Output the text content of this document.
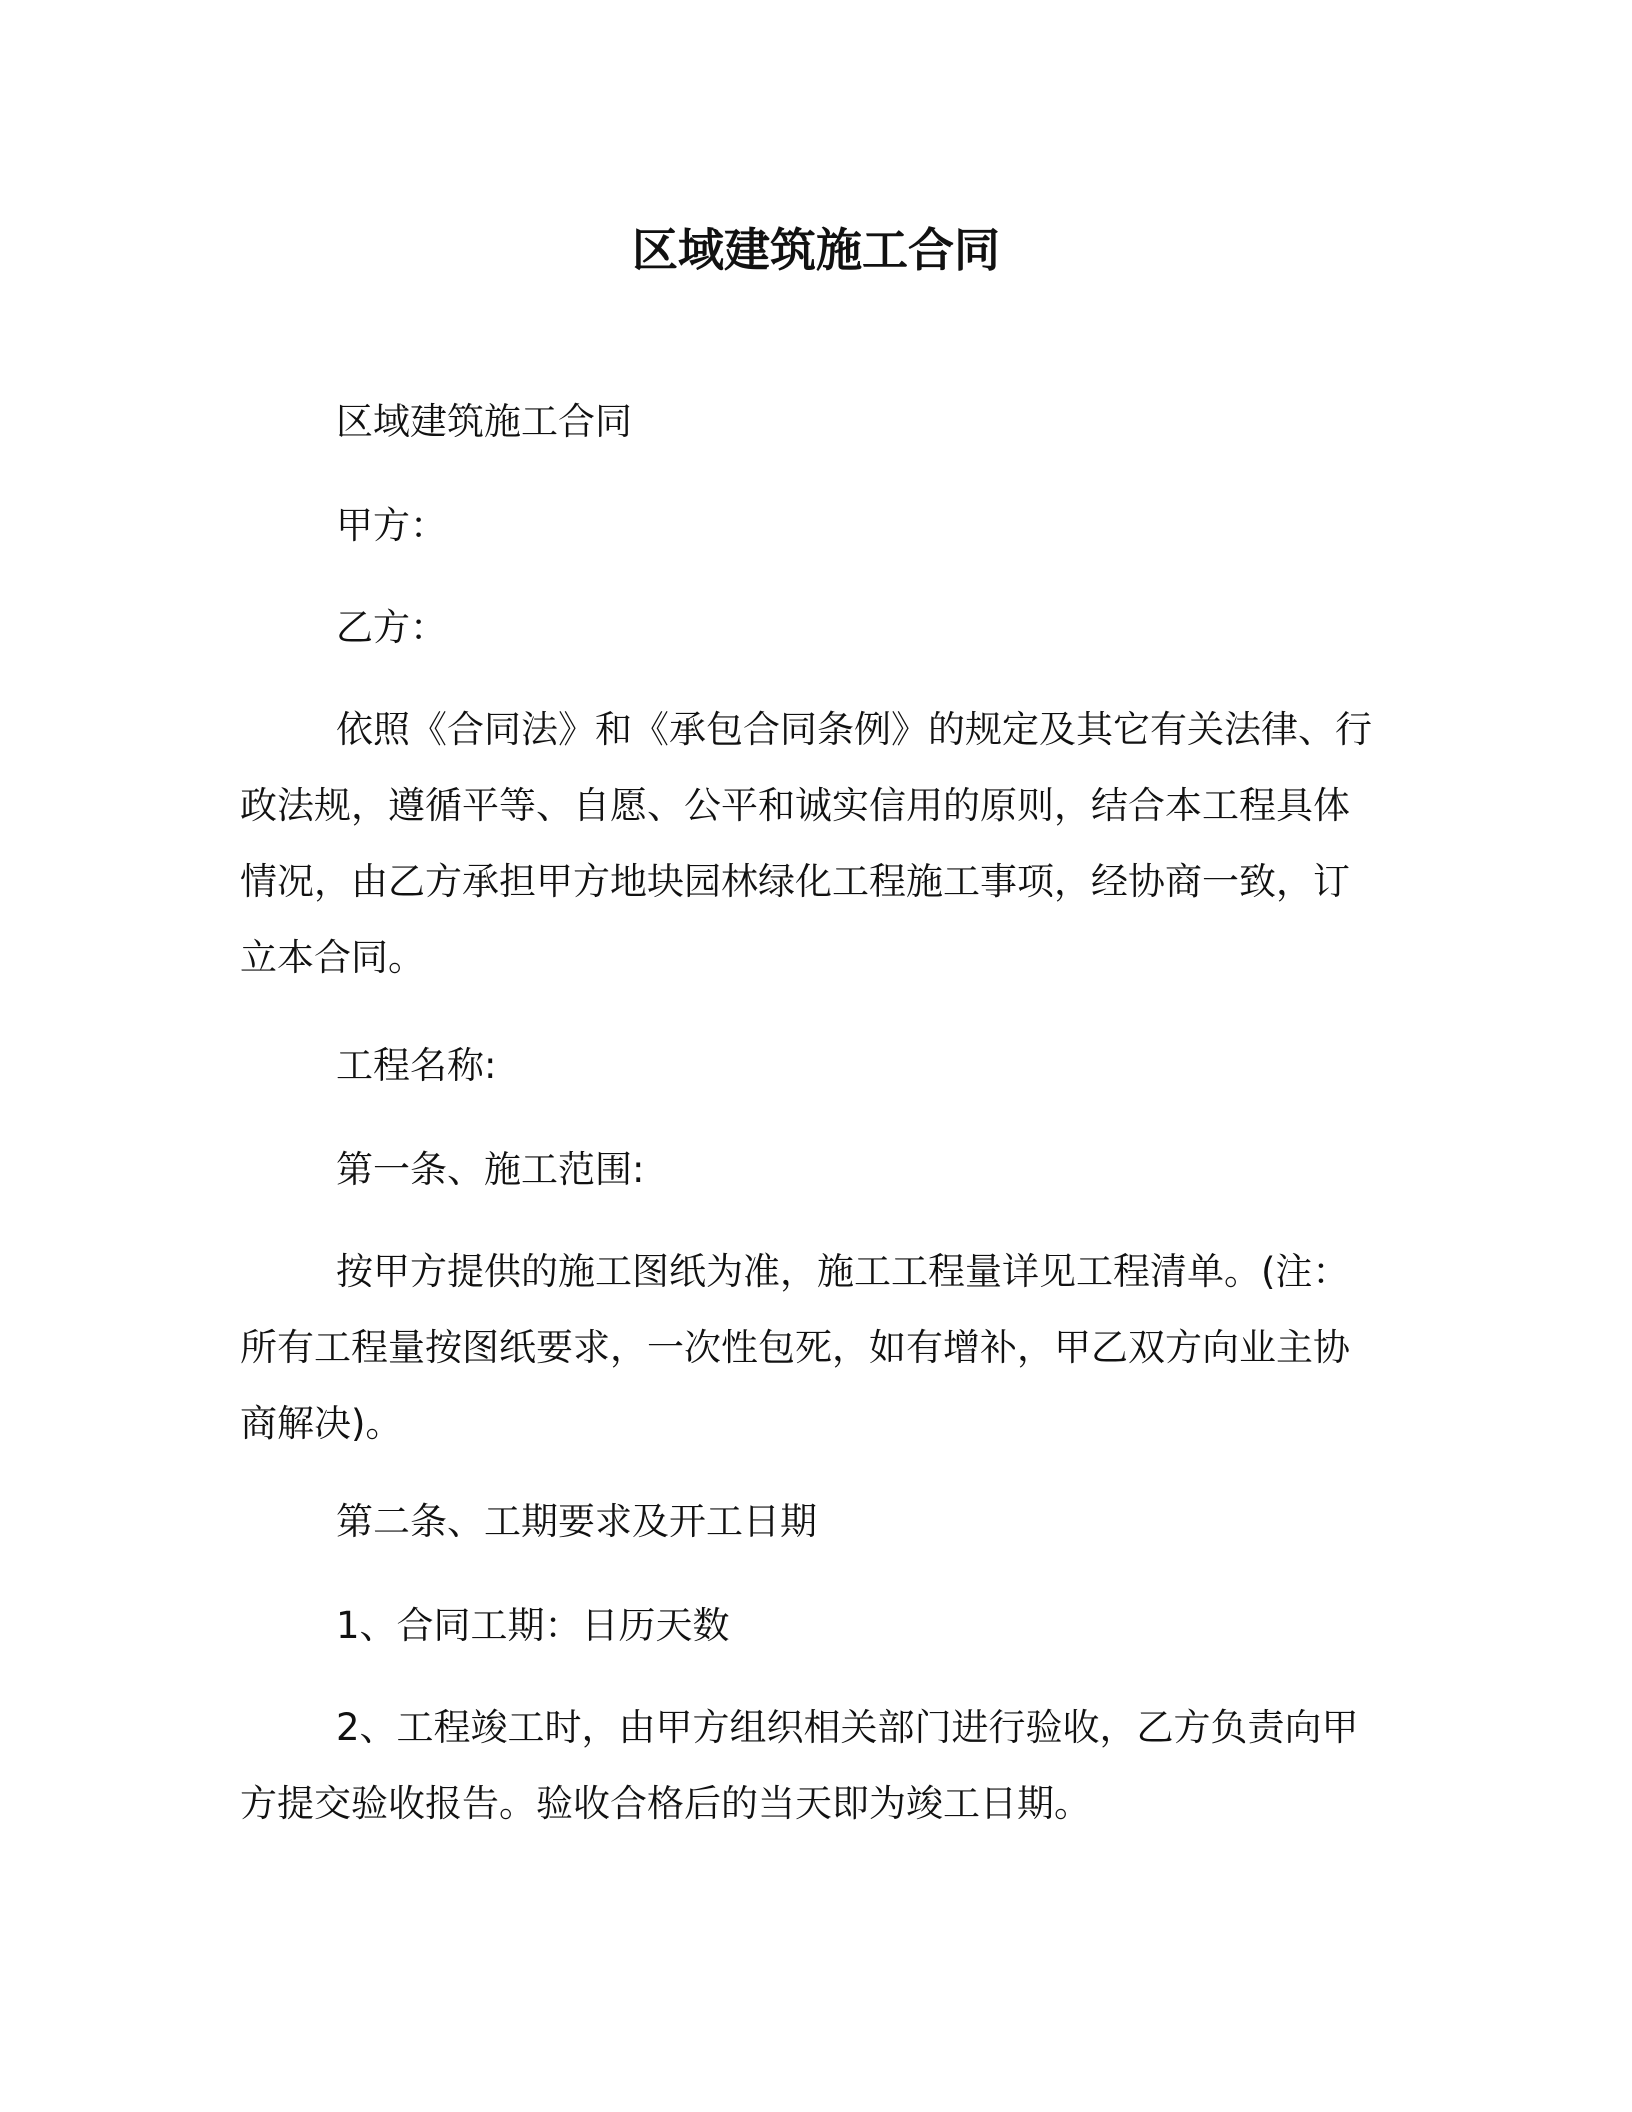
区域建筑施工合同
区域建筑施工合同
甲方：
乙方：

依照《合同法》和《承包合同条例》的规定及其它有关法律、行政法规，遵循平等、自愿、公平和诚实信用的原则，结合本工程具体情况，由乙方承担甲方地块园林绿化工程施工事项，经协商一致，订立本合同。

工程名称:
第一条、施工范围:

按甲方提供的施工图纸为准，施工工程量详见工程清单。(注：所有工程量按图纸要求，一次性包死，如有增补，甲乙双方向业主协商解决)。

第二条、工期要求及开工日期
1、合同工期：日历天数

2、工程竣工时，由甲方组织相关部门进行验收，乙方负责向甲方提交验收报告。验收合格后的当天即为竣工日期。
